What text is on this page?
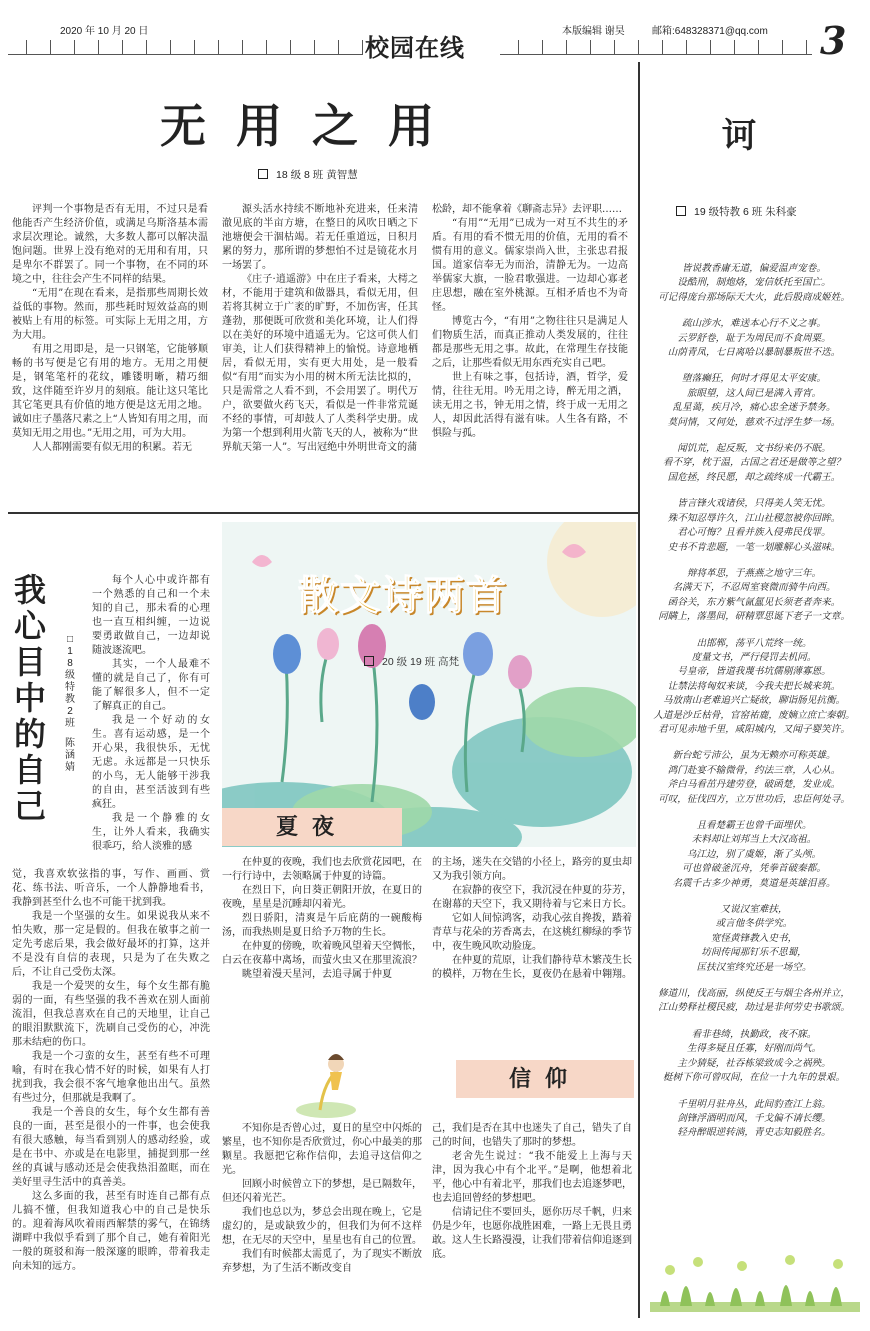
2020 年 10 月 20 日
校园在线
本版编辑 谢昊	邮箱:648328371@qq.com 3
无用之用
18 级 8 班 黄智慧

评判一个事物是否有无用，不过只是看他能否产生经济价值，或满足乌斯洛基本需求层次理论。诚然，大多数人都可以解决温饱问题。世界上没有绝对的无用和有用，只是卑尔不群罢了。同一个事物，在不同的环境之中，往往会产生不同样的结果。

“无用”在现在看来，是指那些周期长效益低的事物。然而，那些耗时短效益高的则被贴上有用的标签。可实际上无用之用，方为大用。

有用之用即是，是一只钢笔，它能够顺畅的书写便是它有用的地方。无用之用便是，钢笔笔杆的花纹，雕镂明晰，精巧细致，这伴随至许岁月的刻痕。能让这只笔比其它笔更具有价值的地方便是这无用之地。诚如庄子墨落尺素之上“人皆知有用之用，而莫知无用之用也。”无用之用，可为大用。

人人都刚需要有似无用的积累。若无

源头活水持续不断地补充进来，任来清澈见底的半亩方塘，在整日的风吹日晒之下池塘便会干涸枯竭。若无任重道远，日积月累的努力，那所谓的梦想怕不过是镜花水月一场罢了。

《庄子·逍遥游》中在庄子看来，大樗之材，不能用于建筑和做器具，看似无用，但若将其树立于广袤的旷野，不加伤害，任其蓬勃，那便既可欣赏和美化环境，让人们得以在美好的环境中逍遥无为。它这可供人们审美，让人们获得精神上的愉悦。诗意地栖居，看似无用，实有更大用处，是一般看似“有用”而实为小用的树木所无法比拟的，只是需常之人看不到，不会用罢了。明代万户，欲要做火药飞天，看似是一件非常荒诞不经的事情，可却鼓人了人类科学史册。成为第一个想到利用火箭飞天的人，被称为“世界航天第一人”。写出冠绝中外明世奇文的蒲

松龄，却不能拿着《聊斋志异》去评职……

“有用”“无用”已成为一对互不共生的矛盾。有用的看不惯无用的价值，无用的看不惯有用的意义。儒家崇尚入世，主张忠君报国。道家信奉无为而治，清静无为。一边高举儒家大旗，一脸君歌强进。一边却心寡老庄思想，融在室外桃源。互相矛盾也不为奇怪。

博览古今，“有用”之物往往只是满足人们物质生活，而真正推动人类发展的，往往都是那些无用之事。故此，在常理生存技能之后，让那些看似无用东西充实自己吧。

世上有味之事，包括诗，酒，哲学，爱情，往往无用。吟无用之诗，醉无用之酒，读无用之书，钟无用之情，终于成一无用之人，却因此活得有滋有味。人生各有路，不惧险与孤。

我
心
目
中
的
自
己
□
1
8
级
特
教
2
班
陈
涵
婧

每个人心中或许都有一个熟悉的自己和一个未知的自己，那未看的心理也一直互相纠缠，一边说要勇敢做自己，一边却说随波逐流吧。

其实，一个人最难不懂的就是自己了，你有可能了解很多人，但不一定了解真正的自己。

我是一个好动的女生。喜有运动感，是一个开心果，我很快乐，无忧无虑。永远都是一只快乐的小鸟，无人能够干涉我的自由，甚至活波到有些疯狂。

我是一个静雅的女生，让外人看来，我确实很乖巧，给人淡雅的感

觉，我喜欢软弦指的事，写作、画画、赏花、练书法、听音乐，一个人静静地看书，我静到甚至什么也不可能干扰到我。

我是一个坚强的女生。如果说我从来不怕失败，那一定是假的。但我在敏事之前一定先考虑后果，我会做好最坏的打算，这并不是没有自信的表现，只是为了在失败之后，不让自己受伤太深。

我是一个爱哭的女生，每个女生都有脆弱的一面，有些坚强的我不善欢在别人面前流泪，但我总喜欢在自己的天地里，让自己的眼泪默默流下，洗刷自己受伤的心，冲洗那未结疤的伤口。

我是一个刁蛮的女生，甚至有些不可理喻，有时在我心情不好的时候，如果有人打扰到我，我会很不客气地拿他出出气。虽然有些过分，但那就是我啊了。

我是一个善良的女生，每个女生都有善良的一面，甚至是很小的一件事，也会使我有很大感触，每当看到别人的感动经验，或是在书中、亦或是在电影里，捕捉到那一丝丝的真诚与感动还是会使我热泪盈眶，而在美好里寻生活中的真善美。

这么多面的我，甚至有时连自己都有点儿搞不懂，但我知道我心中的自己是快乐的。迎着海风吹着雨西解禁的雾气，在锦绣湖畔中我似乎看到了那个自己，她有着阳光一般的斑驳和海一般深邃的眼眸，带着我走向未知的远方。

散文诗两首
20 级 19 班 高梵
夏夜

在仲夏的夜晚，我们也去欣赏花园吧，在一行行诗中，去领略属于仲夏的诗篇。

在烈日下，向日葵正朝阳开放，在夏日的夜晚，星星是沉睡却闪着光。

烈日骄阳，清爽是午后庇荫的一碗酸梅汤，而我热则是夏日给予万物的生长。

在仲夏的傍晚，吹着晚风望着天空惆怅，白云在夜幕中离场，而萤火虫又在那里流浪？

眺望着漫天星河，去追寻属于仲夏

的主场，迷失在交错的小径上，路旁的夏虫却又为我引领方向。

在寂静的夜空下，我沉浸在仲夏的芬芳，在谢幕的天空下，我又期待着与它来日方长。

它如人间惊鸿客，动我心弦自搀拨，踏着青草与花朵的芳香离去，在这桃红柳绿的季节中，夜生晚风吹动脸庞。

在仲夏的荒原，让我们静待草木繁茂生长的模样，万物在生长，夏夜仍在悬着中翱翔。

信仰

不知你是否曾心过，夏日的星空中闪烁的繁星，也不知你是否欣赏过，你心中最美的那颗星。我愿把它称作信仰，去追寻这信仰之光。

回顾小时候曾立下的梦想，是已隔数年，但还闪着光芒。

我们也总以为，梦总会出现在晚上，它是虚幻的，是或缺致少的，但我们为何不这样想，在无尽的天空中，星星也有自己的位置。

我们有时候都太需觅了，为了现实不断放弃梦想，为了生活不断改变自

己，我们是否在其中也迷失了自己，错失了自己的时间，也错失了那时的梦想。

老舍先生说过：“我不能爱上上海与天津，因为我心中有个北平。”是啊，他想着北平，他心中有着北平，那我们也去追逐梦吧，也去追回曾经的梦想吧。

信请记住不要回头，愿你历尽千帆，归来仍是少年，也愿你战胜困难，一路上无畏且勇敢。这人生长路漫漫，让我们带着信仰追逐到底。

诃
19 级特教 6 班 朱科豪
皆说教香庸无道，偏爱温声宠卷。
设酷刑，制炮烙，宠信妖托至国亡。
可记得庞台那场际天大火，此后殷商成姬姓。
疏山涉水，难送本心行不义之事。
云罗舒卷，耻于为周民而不食周粟。
山荫青凤，七日离哈以暴制暴叛世不迭。
堕落癫狂，何时才得见太平安康。
旅眼望，这人间已是满入青宵。
乱星蔼，疾月冷，痛心忠全迷予禁务。
莫问情，又何处，慈欢不过浮生梦一场。
闻饥荒，起反叛，文书纷来仍不眠。
看不穿，枕于温，古国之君还是做等之望？
国危拯，终民愿，却之疏终成一代霸王。
皆言锋火戏诸侯，只得美人笑无忧。
殊不知忍辱许久，江山社稷忽被你回眸。
君心可悔？且看并族入侵弗民伐罪。
史书不肯悲题，一笔一划雕解心头滋味。
辩将革思，于燕燕之地守三年。
名满天下，不忍周室衰微而骑牛向西。
函谷关，东方紫气氤氲见长须老者奔来。
同瞒上，落墨间，研精覃思诞下老子一文章。
出邯郸，荡平八荒终一统。
度量文书，严行侵罚去机同。
号皇帝，皆道我蔑书坑儒剔薄寡恩。
让禁法将匈奴来谈，今我夫把长城来筑。
马放南山老难追兴亡疑故，聊诣肠见抗衡。
人道是沙丘枯骨，官窑祐鹿，废嫡立庶亡秦朝。
君可见赤地千里，咸阳城内，又闻子婴笑许。
新台蛇亏沛公，虽为无赖亦可称英雄。
鸿门赴宴不输微骨，约法三章，人心从。
斧白马看茁丹建劳登，破函楚，发业成。
可叹，征伐四方，立万世功后，忠臣何处寻。
且看楚霸王也曾千面埋伏。
未料却让刘邦当上大汉高祖。
乌江边，别了虞姬，渐了头颅。
可也曾破釜沉舟，凭拳首破秦都。
名震千古多少神勇，莫道是英雄泪喜。
又说汉室难扶，
或言他冬供学究。
宽怪黄锋教入史书，
坊间传闻那钉乐不思蜀，
匡扶汉室终究还是一场空。
修道川，伐高丽，纵使反王与烟尘各州并立，
江山势释社稷民疲，劫过是非何劳史书歌颂。
看非巷绮，执勤政，夜不寐。
生得多疑且任寡，好刚而尚气。
主少猜疑，社吞栋梁致成今之祸殃。
梃树下你可曾叹间，在位一十九年的景艰。
千里明月驻舟丛，此间豹查江上翁。
剑锋浮酒明而风，千戈偏不请长缨。
轻舟醉眼逆转淌，青史志知毅胜名。
